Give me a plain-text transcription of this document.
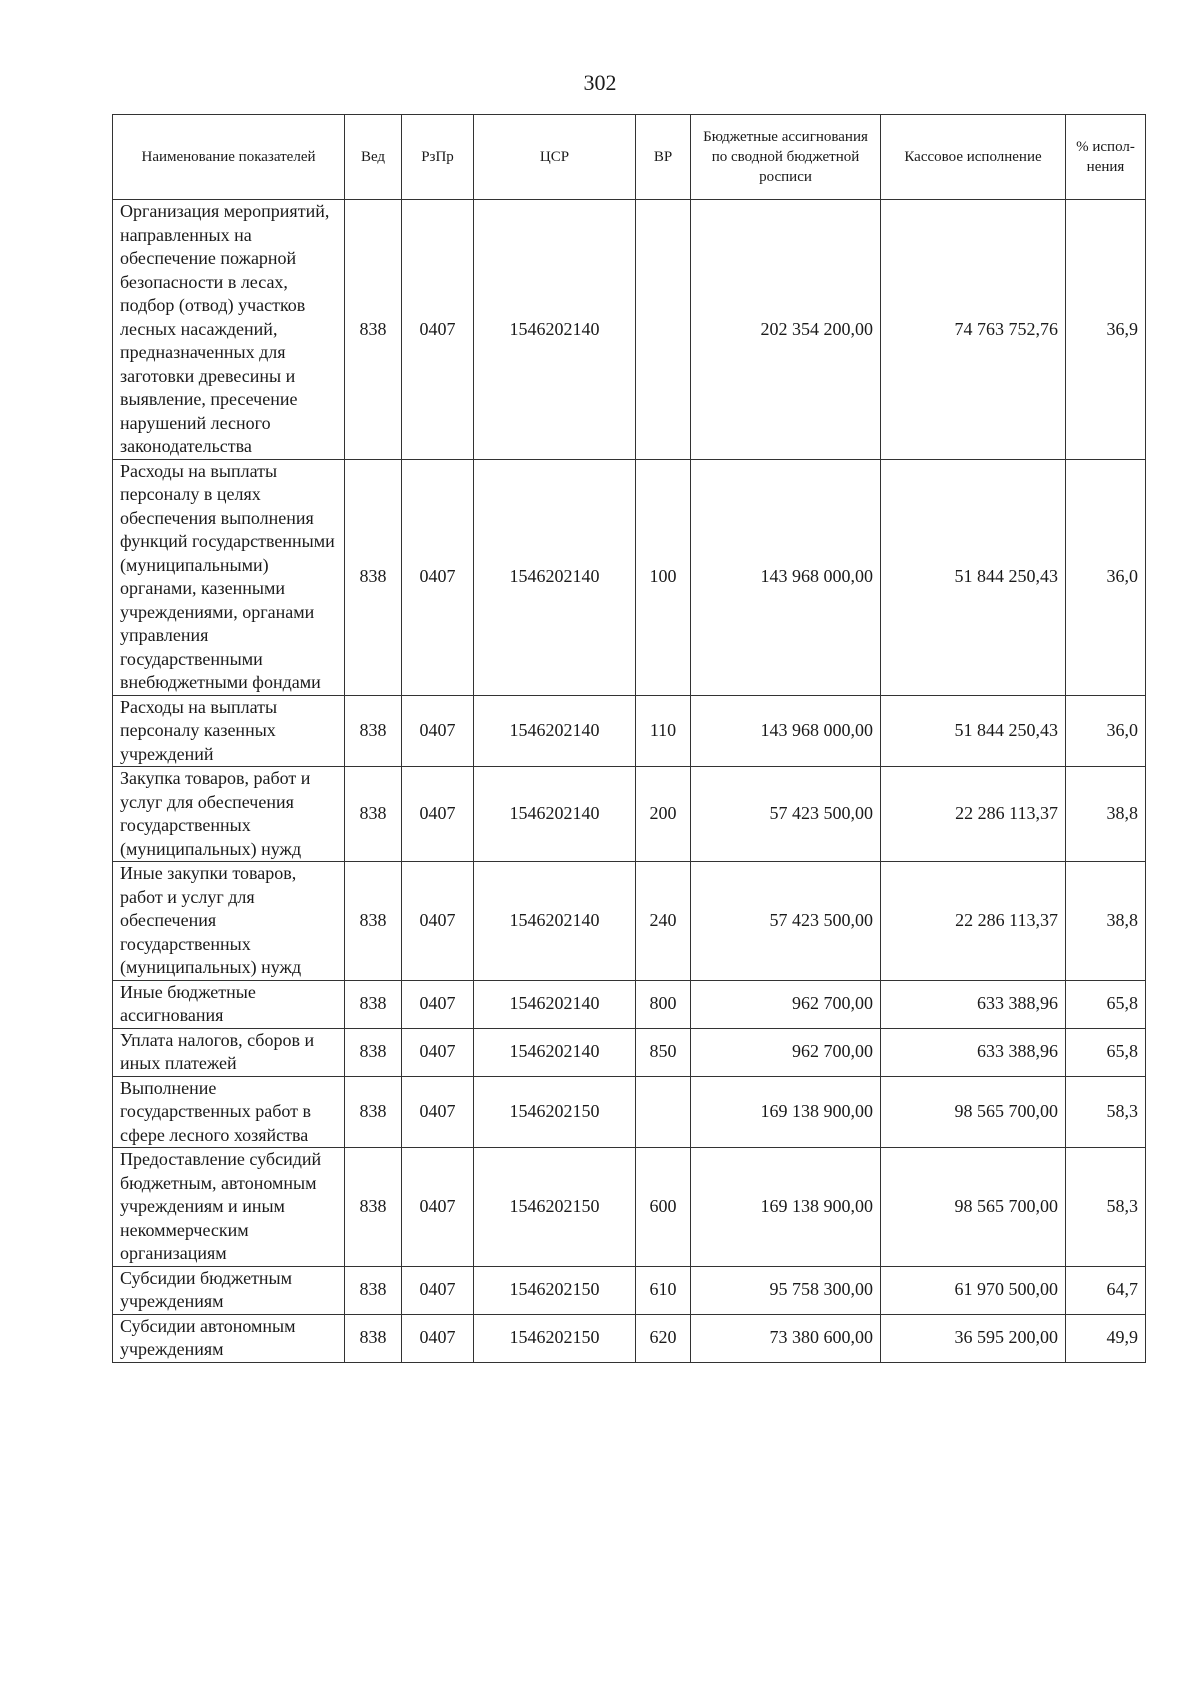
302
Наименование показателей	Вед	РзПр	ЦСР	ВР	Бюджетные ассигнования по сводной бюджетной росписи	Кассовое исполнение	% испол-нения
Организация мероприятий, направленных на обеспечение пожарной безопасности в лесах, подбор (отвод) участков лесных насаждений, предназначенных для заготовки древесины и выявление, пресечение нарушений лесного законодательства	838	0407	1546202140		202 354 200,00	74 763 752,76	36,9
Расходы на выплаты персоналу в целях обеспечения выполнения функций государственными (муниципальными) органами, казенными учреждениями, органами управления государственными внебюджетными фондами	838	0407	1546202140	100	143 968 000,00	51 844 250,43	36,0
Расходы на выплаты персоналу казенных учреждений	838	0407	1546202140	110	143 968 000,00	51 844 250,43	36,0
Закупка товаров, работ и услуг для обеспечения государственных (муниципальных) нужд	838	0407	1546202140	200	57 423 500,00	22 286 113,37	38,8
Иные закупки товаров, работ и услуг для обеспечения государственных (муниципальных) нужд	838	0407	1546202140	240	57 423 500,00	22 286 113,37	38,8
Иные бюджетные ассигнования	838	0407	1546202140	800	962 700,00	633 388,96	65,8
Уплата налогов, сборов и иных платежей	838	0407	1546202140	850	962 700,00	633 388,96	65,8
Выполнение государственных работ в сфере лесного хозяйства	838	0407	1546202150		169 138 900,00	98 565 700,00	58,3
Предоставление субсидий бюджетным, автономным учреждениям и иным некоммерческим организациям	838	0407	1546202150	600	169 138 900,00	98 565 700,00	58,3
Субсидии бюджетным учреждениям	838	0407	1546202150	610	95 758 300,00	61 970 500,00	64,7
Субсидии автономным учреждениям	838	0407	1546202150	620	73 380 600,00	36 595 200,00	49,9
